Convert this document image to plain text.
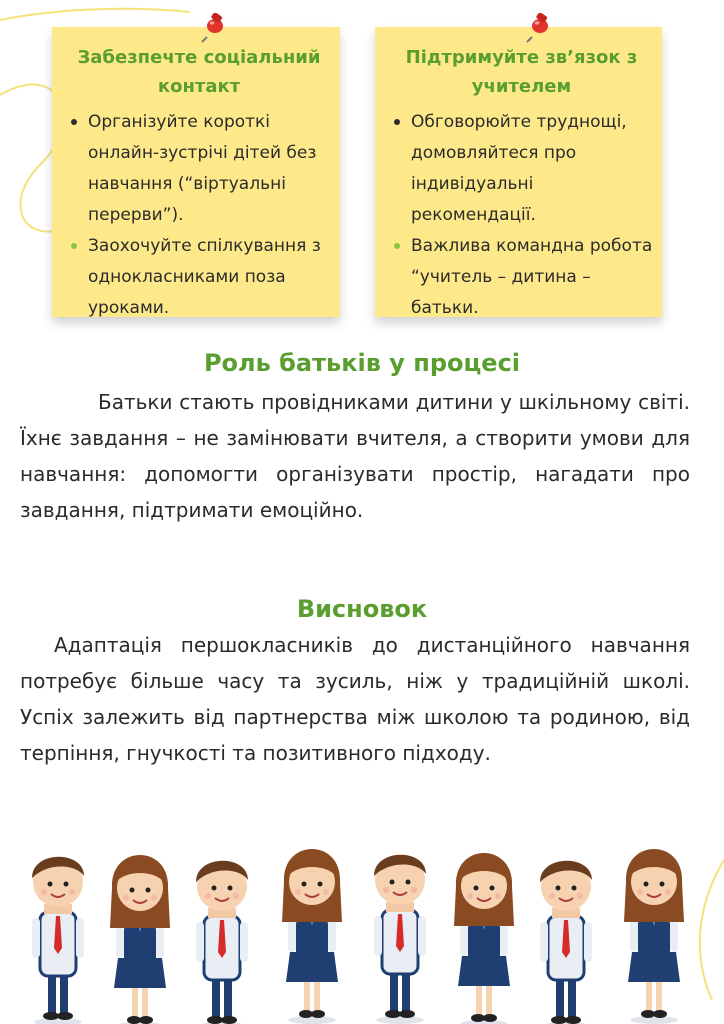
Забезпечте соціальний контакт

Організуйте короткі онлайн-зустрічі дітей без навчання (“віртуальні перерви”).
Заохочуйте спілкування з однокласниками поза уроками.

Підтримуйте зв’язок з учителем

Обговорюйте труднощі, домовляйтеся про індивідуальні рекомендації.
Важлива командна робота “учитель – дитина – батьки.
Роль батьків у процесі

Батьки стають провідниками дитини у шкільному світі. Їхнє завдання – не замінювати вчителя, а створити умови для навчання: допомогти організувати простір, нагадати про завдання, підтримати емоційно.

Висновок

Адаптація першокласників до дистанційного навчання потребує більше часу та зусиль, ніж у традиційній школі. Успіх залежить від партнерства між школою та родиною, від терпіння, гнучкості та позитивного підходу.
